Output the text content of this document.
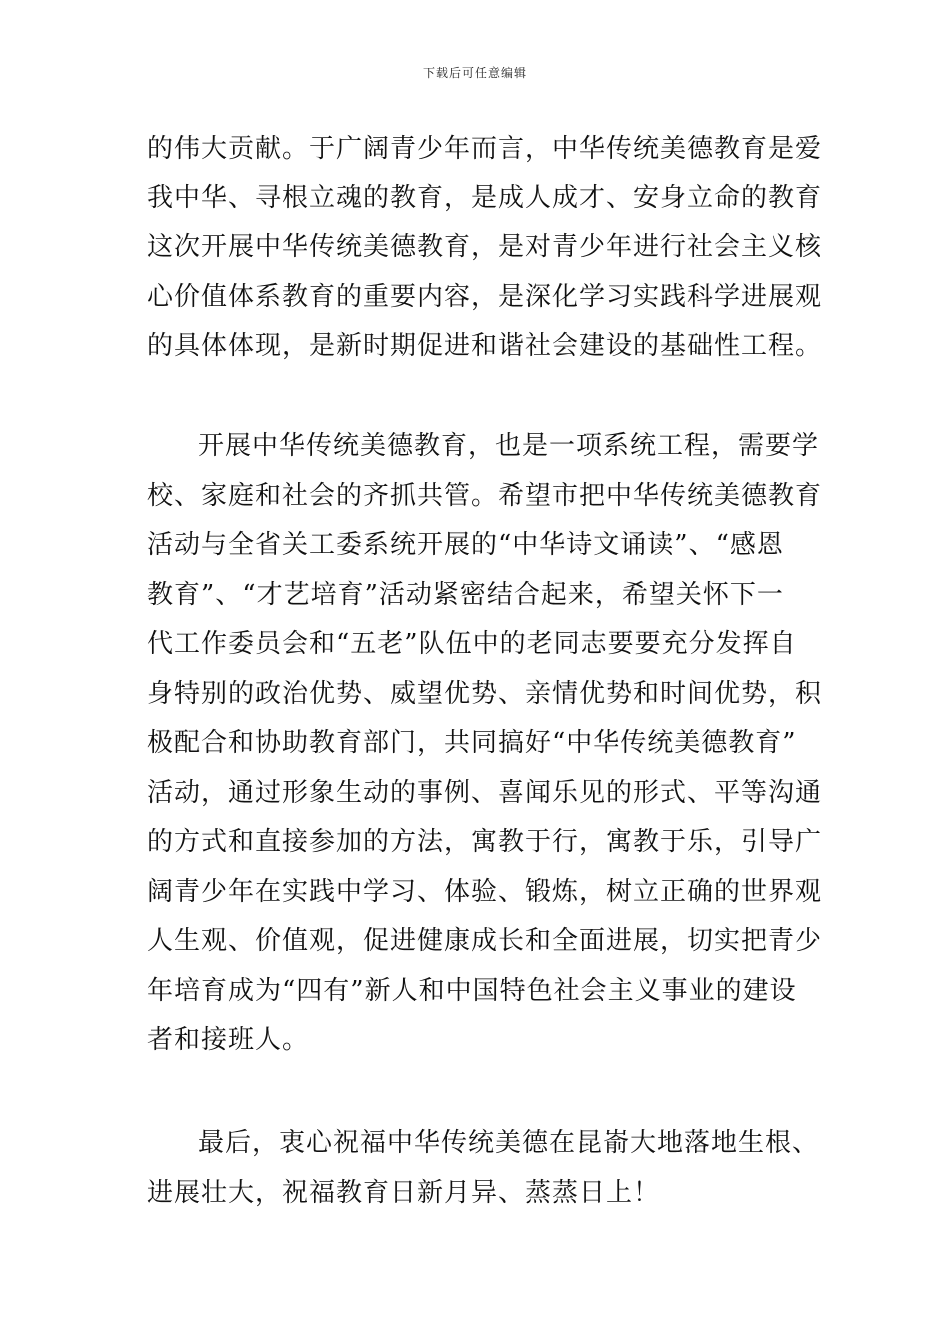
下载后可任意编辑
的伟大贡献。于广阔青少年而言，中华传统美德教育是爱
我中华、寻根立魂的教育，是成人成才、安身立命的教育
这次开展中华传统美德教育，是对青少年进行社会主义核
心价值体系教育的重要内容，是深化学习实践科学进展观
的具体体现，是新时期促进和谐社会建设的基础性工程。
开展中华传统美德教育，也是一项系统工程，需要学
校、家庭和社会的齐抓共管。希望市把中华传统美德教育
活动与全省关工委系统开展的“中华诗文诵读”、“感恩
教育”、“才艺培育”活动紧密结合起来，希望关怀下一
代工作委员会和“五老”队伍中的老同志要要充分发挥自
身特别的政治优势、威望优势、亲情优势和时间优势，积
极配合和协助教育部门，共同搞好“中华传统美德教育”
活动，通过形象生动的事例、喜闻乐见的形式、平等沟通
的方式和直接参加的方法，寓教于行，寓教于乐，引导广
阔青少年在实践中学习、体验、锻炼，树立正确的世界观
人生观、价值观，促进健康成长和全面进展，切实把青少
年培育成为“四有”新人和中国特色社会主义事业的建设
者和接班人。
最后，衷心祝福中华传统美德在昆嵛大地落地生根、
进展壮大，祝福教育日新月异、蒸蒸日上！
